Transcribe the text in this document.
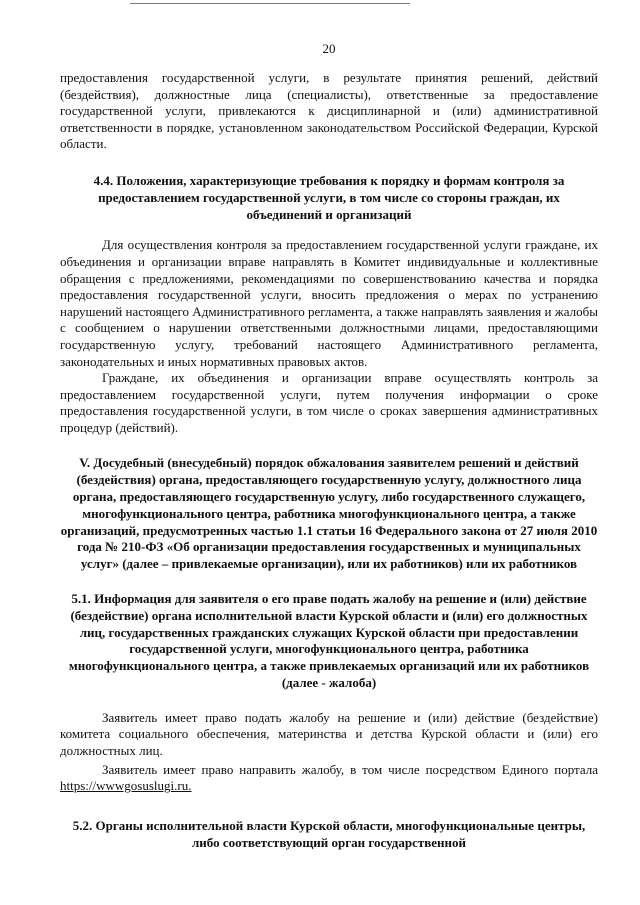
20

предоставления государственной услуги, в результате принятия решений, действий (бездействия), должностные лица (специалисты), ответственные за предоставление государственной услуги, привлекаются к дисциплинарной и (или) административной ответственности в порядке, установленном законодательством Российской Федерации, Курской области.

4.4. Положения, характеризующие требования к порядку и формам контроля за предоставлением государственной услуги, в том числе со стороны граждан, их объединений и организаций

Для осуществления контроля за предоставлением государственной услуги граждане, их объединения и организации вправе направлять в Комитет индивидуальные и коллективные обращения с предложениями, рекомендациями по совершенствованию качества и порядка предоставления государственной услуги, вносить предложения о мерах по устранению нарушений настоящего Административного регламента, а также направлять заявления и жалобы с сообщением о нарушении ответственными должностными лицами, предоставляющими государственную услугу, требований настоящего Административного регламента, законодательных и иных нормативных правовых актов.

Граждане, их объединения и организации вправе осуществлять контроль за предоставлением государственной услуги, путем получения информации о сроке предоставления государственной услуги, в том числе о сроках завершения административных процедур (действий).

V. Досудебный (внесудебный) порядок обжалования заявителем решений и действий (бездействия) органа, предоставляющего государственную услугу, должностного лица органа, предоставляющего государственную услугу, либо государственного служащего, многофункционального центра, работника многофункционального центра, а также организаций, предусмотренных частью 1.1 статьи 16 Федерального закона от 27 июля 2010 года № 210-ФЗ «Об организации предоставления государственных и муниципальных услуг» (далее – привлекаемые организации), или их работников) или их работников

5.1. Информация для заявителя о его праве подать жалобу на решение и (или) действие (бездействие) органа исполнительной власти Курской области и (или) его должностных лиц, государственных гражданских служащих Курской области при предоставлении государственной услуги, многофункционального центра, работника многофункционального центра, а также привлекаемых организаций или их работников (далее - жалоба)

Заявитель имеет право подать жалобу на решение и (или) действие (бездействие) комитета социального обеспечения, материнства и детства Курской области и (или) его должностных лиц.

Заявитель имеет право направить жалобу, в том числе посредством Единого портала https://wwwgosuslugi.ru.

5.2. Органы исполнительной власти Курской области, многофункциональные центры, либо соответствующий орган государственной
